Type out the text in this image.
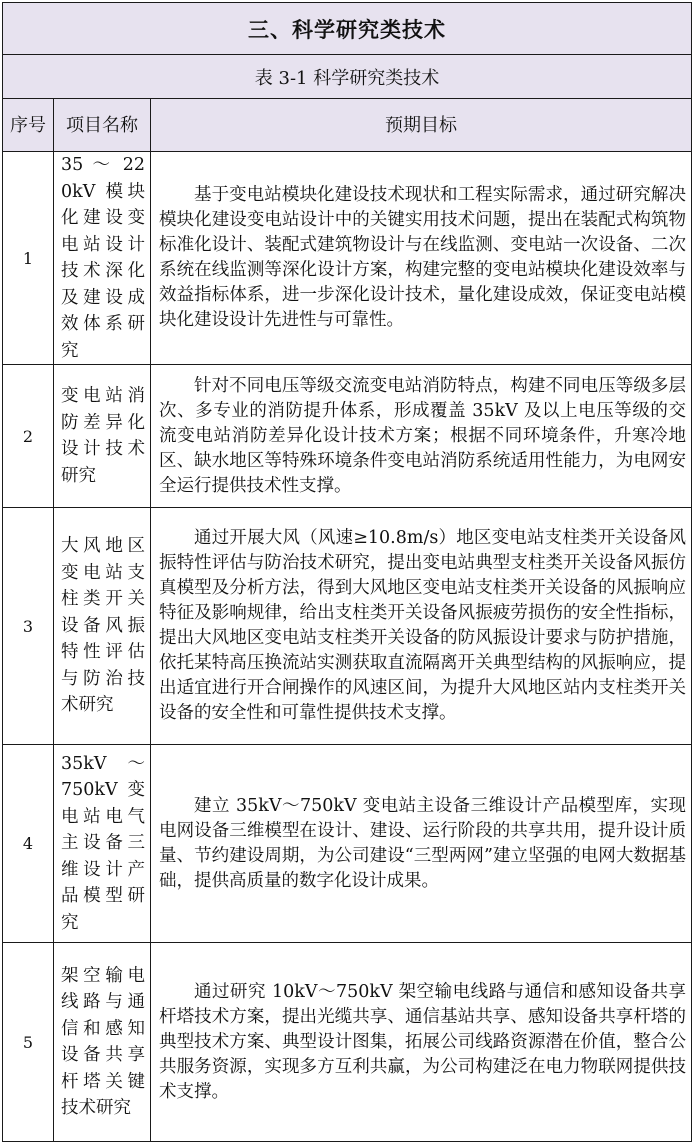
三、科学研究类技术		
表 3-1 科学研究类技术		
序号	项目名称	预期目标
1	35 ～ 220kV 模块化建设变电站设计技术深化及建设成效体系研究	基于变电站模块化建设技术现状和工程实际需求，通过研究解决模块化建设变电站设计中的关键实用技术问题，提出在装配式构筑物标准化设计、装配式建筑物设计与在线监测、变电站一次设备、二次系统在线监测等深化设计方案，构建完整的变电站模块化建设效率与效益指标体系，进一步深化设计技术，量化建设成效，保证变电站模块化建设设计先进性与可靠性。

2	变电站消防差异化设计技术研究	针对不同电压等级交流变电站消防特点，构建不同电压等级多层次、多专业的消防提升体系，形成覆盖 35kV 及以上电压等级的交流变电站消防差异化设计技术方案；根据不同环境条件，升寒冷地区、缺水地区等特殊环境条件变电站消防系统适用性能力，为电网安全运行提供技术性支撑。

3	大风地区变电站支柱类开关设备风振特性评估与防治技术研究	通过开展大风（风速≥10.8m/s）地区变电站支柱类开关设备风振特性评估与防治技术研究，提出变电站典型支柱类开关设备风振仿真模型及分析方法，得到大风地区变电站支柱类开关设备的风振响应特征及影响规律，给出支柱类开关设备风振疲劳损伤的安全性指标，提出大风地区变电站支柱类开关设备的防风振设计要求与防护措施，依托某特高压换流站实测获取直流隔离开关典型结构的风振响应，提出适宜进行开合闸操作的风速区间，为提升大风地区站内支柱类开关设备的安全性和可靠性提供技术支撑。

4	35kV ～ 750kV 变电站电气主设备三维设计产品模型研究	建立 35kV～750kV 变电站主设备三维设计产品模型库，实现电网设备三维模型在设计、建设、运行阶段的共享共用，提升设计质量、节约建设周期，为公司建设“三型两网”建立坚强的电网大数据基础，提供高质量的数字化设计成果。

5	架空输电线路与通信和感知设备共享杆塔关键技术研究	通过研究 10kV～750kV 架空输电线路与通信和感知设备共享杆塔技术方案，提出光缆共享、通信基站共享、感知设备共享杆塔的典型技术方案、典型设计图集，拓展公司线路资源潜在价值，整合公共服务资源，实现多方互利共赢，为公司构建泛在电力物联网提供技术支撑。
